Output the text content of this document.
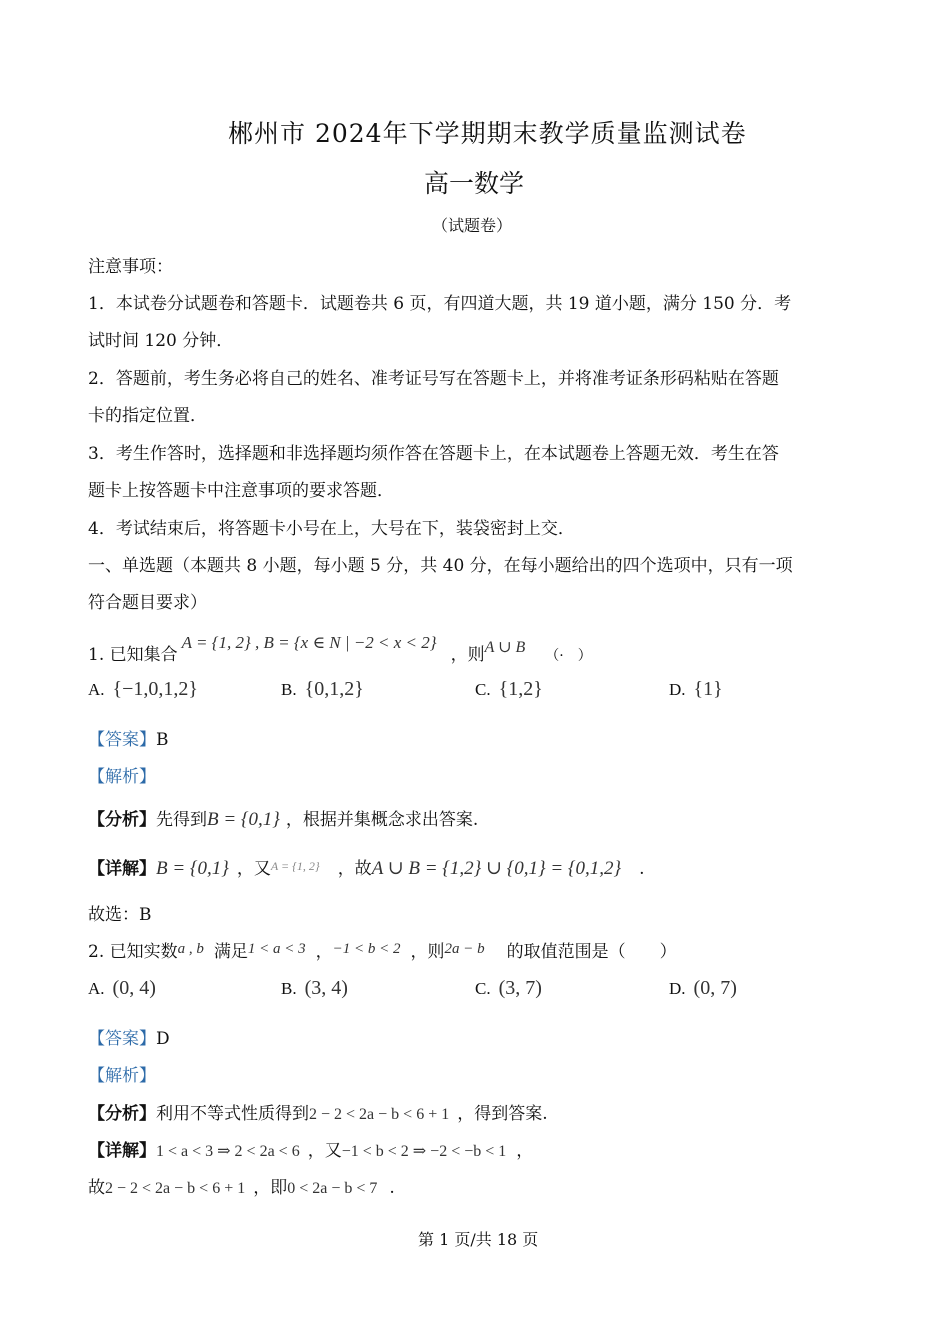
郴州市 2024年下学期期末教学质量监测试卷
高一数学
（试题卷）
注意事项：
1．本试卷分试题卷和答题卡．试题卷共 6 页，有四道大题，共 19 道小题，满分 150 分．考
试时间 120 分钟．
2．答题前，考生务必将自己的姓名、准考证号写在答题卡上，并将准考证条形码粘贴在答题
卡的指定位置．
3．考生作答时，选择题和非选择题均须作答在答题卡上，在本试题卷上答题无效．考生在答
题卡上按答题卡中注意事项的要求答题．
4．考试结束后，将答题卡小号在上，大号在下，装袋密封上交．
一、单选题（本题共 8 小题，每小题 5 分，共 40 分，在每小题给出的四个选项中，只有一项
符合题目要求）
1. 已知集合A = {1, 2} , B = {x ∈ N | −2 < x < 2}，则A ∪ B （·　）
A. {−1,0,1,2}	B. {0,1,2}	C. {1,2}	D. {1}
【答案】B
【解析】
【分析】先得到B = {0,1} ，根据并集概念求出答案.
【详解】B = {0,1} ，又$^{A = \{1, 2\}}$ ，故A ∪ B = {1,2} ∪ {0,1} = {0,1,2} .
故选：B
2. 已知实数a , b 满足1 < a < 3 ，−1 < b < 2 ，则2a − b 的取值范围是（　　）
A. (0, 4)	B. (3, 4)	C. (3, 7)	D. (0, 7)
【答案】D
【解析】
【分析】利用不等式性质得到2 − 2 < 2a − b < 6 + 1 ，得到答案.
【详解】1 < a < 3 ⇒ 2 < 2a < 6 ，又−1 < b < 2 ⇒ −2 < −b < 1 ，
故2 − 2 < 2a − b < 6 + 1 ，即0 < 2a − b < 7 .
第 1 页/共 18 页
